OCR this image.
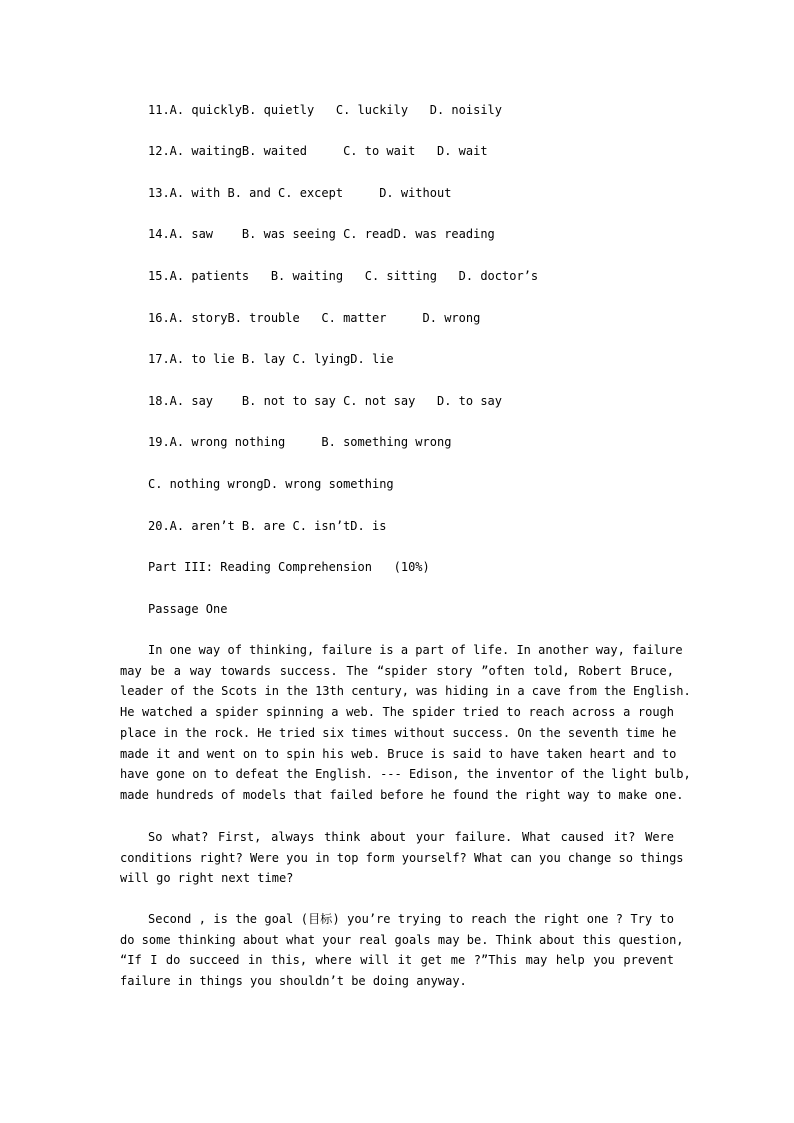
11.A. quicklyB. quietly   C. luckily   D. noisily
12.A. waitingB. waited     C. to wait   D. wait
13.A. with B. and C. except     D. without
14.A. saw    B. was seeing C. readD. was reading
15.A. patients   B. waiting   C. sitting   D. doctor’s
16.A. storyB. trouble   C. matter     D. wrong
17.A. to lie B. lay C. lyingD. lie
18.A. say    B. not to say C. not say   D. to say
19.A. wrong nothing     B. something wrong
C. nothing wrongD. wrong something
20.A. aren’t B. are C. isn’tD. is
Part III: Reading Comprehension   (10%)
Passage One
In one way of thinking, failure is a part of life. In another way, failure
may be a way towards success. The “spider story ”often told, Robert Bruce,
leader of the Scots in the 13th century, was hiding in a cave from the English.
He watched a spider spinning a web. The spider tried to reach across a rough
place in the rock. He tried six times without success. On the seventh time he
made it and went on to spin his web. Bruce is said to have taken heart and to
have gone on to defeat the English. --- Edison, the inventor of the light bulb,
made hundreds of models that failed before he found the right way to make one.
So what? First, always think about your failure. What caused it? Were
conditions right? Were you in top form yourself? What can you change so things
will go right next time?
Second , is the goal (目标) you’re trying to reach the right one ? Try to
do some thinking about what your real goals may be. Think about this question,
“If I do succeed in this, where will it get me ?”This may help you prevent
failure in things you shouldn’t be doing anyway.
